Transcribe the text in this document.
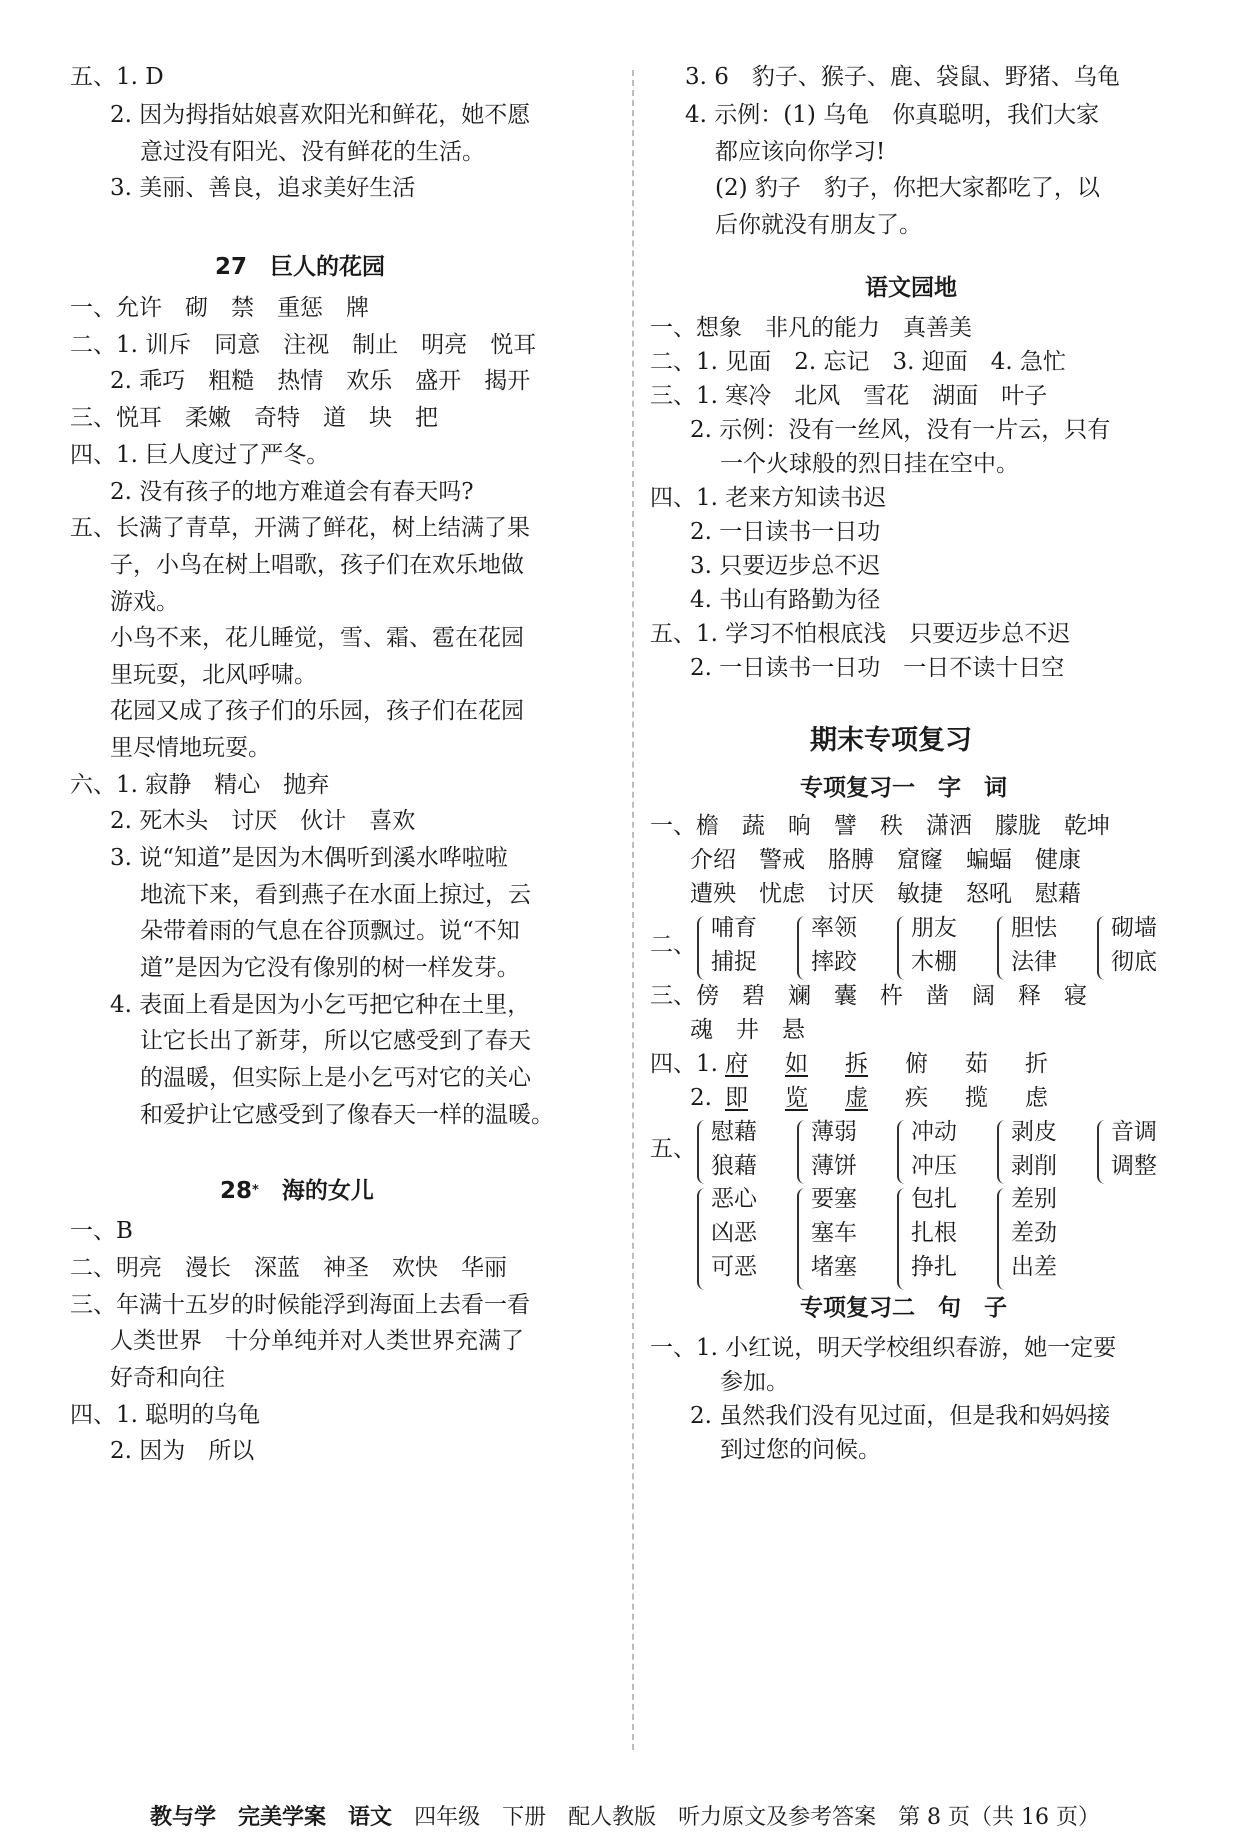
五、1. D
2. 因为拇指姑娘喜欢阳光和鲜花，她不愿
意过没有阳光、没有鲜花的生活。
3. 美丽、善良，追求美好生活
27　巨人的花园
一、允许　砌　禁　重惩　牌
二、1. 训斥　同意　注视　制止　明亮　悦耳
2. 乖巧　粗糙　热情　欢乐　盛开　揭开
三、悦耳　柔嫩　奇特　道　块　把
四、1. 巨人度过了严冬。
2. 没有孩子的地方难道会有春天吗?
五、长满了青草，开满了鲜花，树上结满了果
子，小鸟在树上唱歌，孩子们在欢乐地做
游戏。
小鸟不来，花儿睡觉，雪、霜、雹在花园
里玩耍，北风呼啸。
花园又成了孩子们的乐园，孩子们在花园
里尽情地玩耍。
六、1. 寂静　精心　抛弃
2. 死木头　讨厌　伙计　喜欢
3. 说“知道”是因为木偶听到溪水哗啦啦
地流下来，看到燕子在水面上掠过，云
朵带着雨的气息在谷顶飘过。说“不知
道”是因为它没有像别的树一样发芽。
4. 表面上看是因为小乞丐把它种在土里，
让它长出了新芽，所以它感受到了春天
的温暖，但实际上是小乞丐对它的关心
和爱护让它感受到了像春天一样的温暖。
28*　 海的女儿
一、B
二、明亮　漫长　深蓝　神圣　欢快　华丽
三、年满十五岁的时候能浮到海面上去看一看
人类世界　十分单纯并对人类世界充满了
好奇和向往
四、1. 聪明的乌龟
2. 因为　所以
3. 6　豹子、猴子、鹿、袋鼠、野猪、乌龟
4. 示例：(1) 乌龟　你真聪明，我们大家
都应该向你学习!
(2) 豹子　豹子，你把大家都吃了，以
后你就没有朋友了。
语文园地
一、想象　非凡的能力　真善美
二、1. 见面　2. 忘记　3. 迎面　4. 急忙
三、1. 寒冷　北风　雪花　湖面　叶子
2. 示例：没有一丝风，没有一片云，只有
一个火球般的烈日挂在空中。
四、1. 老来方知读书迟
2. 一日读书一日功
3. 只要迈步总不迟
4. 书山有路勤为径
五、1. 学习不怕根底浅　只要迈步总不迟
2. 一日读书一日功　一日不读十日空
期末专项复习
专项复习一　字　词
一、檐　蔬　晌　譬　秩　潇洒　朦胧　乾坤
介绍　警戒　胳膊　窟窿　蝙蝠　健康
遭殃　忧虑　讨厌　敏捷　怒吼　慰藉
二、
哺育
捕捉
率领
摔跤
朋友
木棚
胆怯
法律
砌墙
彻底
三、傍　碧　斓　囊　杵　凿　阔　释　寝
魂　井　悬
四、1. 府 如 拆 俯 茹 折
2. 即 览 虚 疾 揽 虑
五、
慰藉
狼藉
薄弱
薄饼
冲动
冲压
剥皮
剥削
音调
调整
恶心
凶恶
可恶
要塞
塞车
堵塞
包扎
扎根
挣扎
差别
差劲
出差
专项复习二　句　子
一、1. 小红说，明天学校组织春游，她一定要
参加。
2. 虽然我们没有见过面，但是我和妈妈接
到过您的问候。
教与学　 完美学案　 语文　 四年级　下册　配人教版　听力原文及参考答案　第 8 页（共 16 页）
